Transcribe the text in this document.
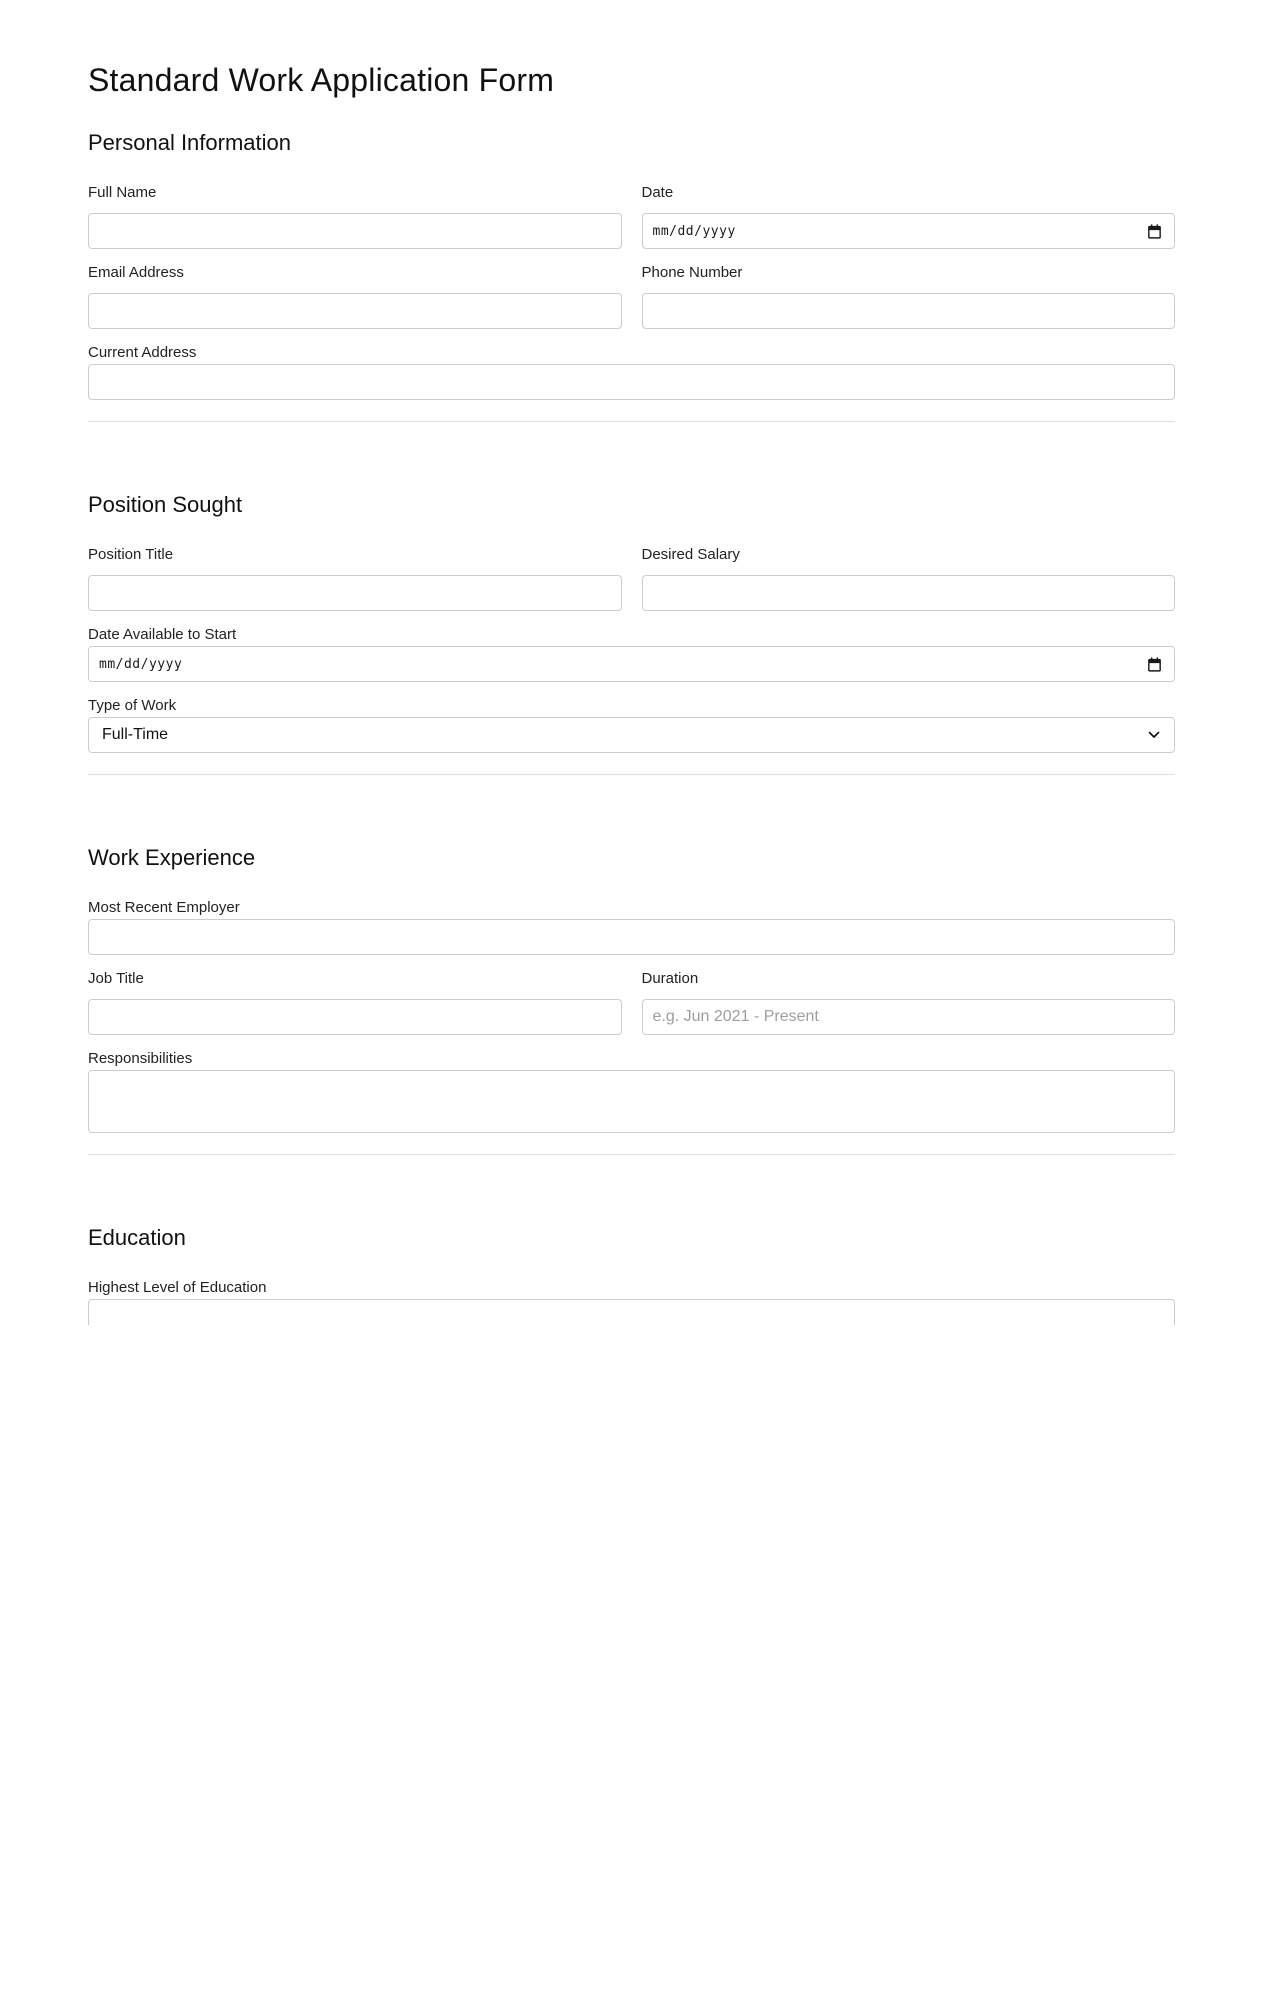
Standard Work Application Form
Personal Information
Full Name	Date
mm/dd/yyyy
Email Address	Phone Number
Current Address
Position Sought
Position Title	Desired Salary
Date Available to Start
mm/dd/yyyy
Type of Work
Full-Time
Work Experience
Most Recent Employer
Job Title	Duration
e.g. Jun 2021 - Present
Responsibilities
Education
Highest Level of Education
